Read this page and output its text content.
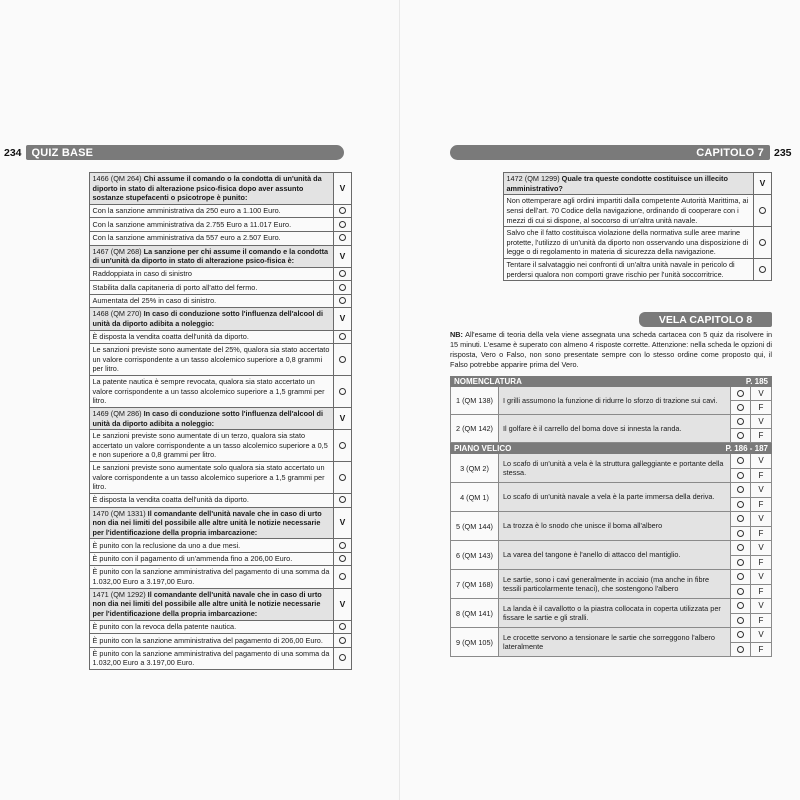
234 QUIZ BASE
	1466 (QM 264) Chi assume il comando o la condotta di un'unità da diporto in stato di alterazione psico-fisica dopo aver assunto sostanze stupefacenti o psicotrope è punito:	V
	Con la sanzione amministrativa da 250 euro a 1.100 Euro.	
	Con la sanzione amministrativa da 2.755 Euro a 11.017 Euro.	
	Con la sanzione amministrativa da 557 euro a 2.507 Euro.	
	1467 (QM 268) La sanzione per chi assume il comando e la condotta di un'unità da diporto in stato di alterazione psico-fisica è:	V
	Raddoppiata in caso di sinistro	
	Stabilita dalla capitaneria di porto all'atto del fermo.	
	Aumentata del 25% in caso di sinistro.	
	1468 (QM 270) In caso di conduzione sotto l'influenza dell'alcool di unità da diporto adibita a noleggio:	V
	È disposta la vendita coatta dell'unità da diporto.	
	Le sanzioni previste sono aumentate del 25%, qualora sia stato accertato un valore corrispondente a un tasso alcolemico superiore a 0,8 grammi per litro.	
	La patente nautica è sempre revocata, qualora sia stato accertato un valore corrispondente a un tasso alcolemico superiore a 1,5 grammi per litro.	
	1469 (QM 286) In caso di conduzione sotto l'influenza dell'alcool di unità da diporto adibita a noleggio:	V
	Le sanzioni previste sono aumentate di un terzo, qualora sia stato accertato un valore corrispondente a un tasso alcolemico superiore a 0,5 e non superiore a 0,8 grammi per litro.	
	Le sanzioni previste sono aumentate solo qualora sia stato accertato un valore corrispondente a un tasso alcolemico superiore a 1,5 grammi per litro.	
	È disposta la vendita coatta dell'unità da diporto.	
	1470 (QM 1331) Il comandante dell'unità navale che in caso di urto non dia nei limiti del possibile alle altre unità le notizie necessarie per l'identificazione della propria imbarcazione:	V
	È punito con la reclusione da uno a due mesi.	
	È punito con il pagamento di un'ammenda fino a 206,00 Euro.	
	È punito con la sanzione amministrativa del pagamento di una somma da 1.032,00 Euro a 3.197,00 Euro.	
	1471 (QM 1292) Il comandante dell'unità navale che in caso di urto non dia nei limiti del possibile alle altre unità le notizie necessarie per l'identificazione della propria imbarcazione:	V
	È punito con la revoca della patente nautica.	
	È punito con la sanzione amministrativa del pagamento di 206,00 Euro.	
	È punito con la sanzione amministrativa del pagamento di una somma da 1.032,00 Euro a 3.197,00 Euro.	
CAPITOLO 7 235
	1472 (QM 1299) Quale tra queste condotte costituisce un illecito amministrativo?	V
	Non ottemperare agli ordini impartiti dalla competente Autorità Marittima, ai sensi dell'art. 70 Codice della navigazione, ordinando di cooperare con i mezzi di cui si dispone, al soccorso di un'altra unità navale.	
	Salvo che il fatto costituisca violazione della normativa sulle aree marine protette, l'utilizzo di un'unità da diporto non osservando una disposizione di legge o di regolamento in materia di sicurezza della navigazione.	
	Tentare il salvataggio nei confronti di un'altra unità navale in pericolo di perdersi qualora non comporti grave rischio per l'unità soccorritrice.	
VELA CAPITOLO 8
NB: All'esame di teoria della vela viene assegnata una scheda cartacea con 5 quiz da risolvere in 15 minuti. L'esame è superato con almeno 4 risposte corrette. Attenzione: nella scheda le opzioni di risposta, Vero o Falso, non sono presentate sempre con lo stesso ordine come proposto qui, il Falso potrebbe apparire prima del Vero.
NOMENCLATURA	P. 185
1 (QM 138)	I grilli assumono la funzione di ridurre lo sforzo di trazione sui cavi.
V
F
2 (QM 142)	Il golfare è il carrello del boma dove si innesta la randa.
V
F
PIANO VELICO	P. 186 - 187
3 (QM 2)
Lo scafo di un'unità a vela è la struttura galleggiante e portante della stessa.
V
F
4 (QM 1)	Lo scafo di un'unità navale a vela è la parte immersa della deriva.
V
F
5 (QM 144)	La trozza è lo snodo che unisce il boma all'albero
V
F
6 (QM 143)	La varea del tangone è l'anello di attacco del mantiglio.
V
F
7 (QM 168)
Le sartie, sono i cavi generalmente in acciaio (ma anche in fibre tessili particolarmente tenaci), che sostengono l'albero
V
F
8 (QM 141)
La landa è il cavallotto o la piastra collocata in coperta utilizzata per fissare le sartie e gli stralli.
V
F
9 (QM 105)
Le crocette servono a tensionare le sartie che sorreggono l'albero lateralmente
V
F
